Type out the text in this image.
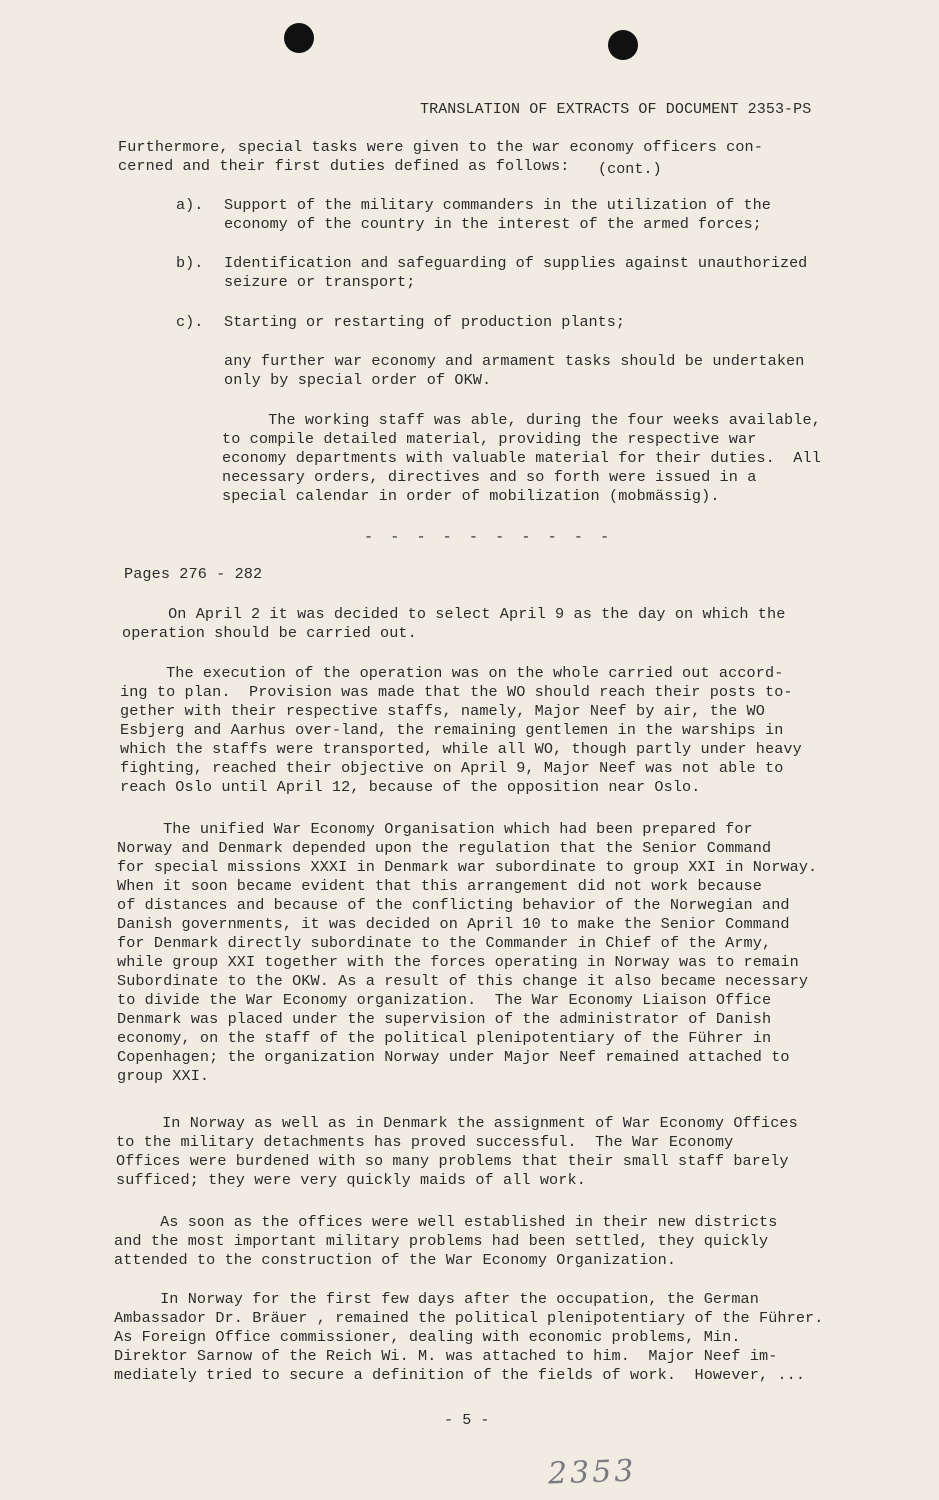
TRANSLATION OF EXTRACTS OF DOCUMENT 2353-PS

(cont.)

Furthermore, special tasks were given to the war economy officers con-
cerned and their first duties defined as follows:

a).

Support of the military commanders in the utilization of the
economy of the country in the interest of the armed forces;

b).

Identification and safeguarding of supplies against unauthorized
seizure or transport;

c).

Starting or restarting of production plants;

any further war economy and armament tasks should be undertaken
only by special order of OKW.
The working staff was able, during the four weeks available,
to compile detailed material, providing the respective war
economy departments with valuable material for their duties.  All
necessary orders, directives and so forth were issued in a
special calendar in order of mobilization (mobmässig).
- - - - - - - - - -
Pages 276 - 282
On April 2 it was decided to select April 9 as the day on which the
operation should be carried out.
The execution of the operation was on the whole carried out accord-
ing to plan.  Provision was made that the WO should reach their posts to-
gether with their respective staffs, namely, Major Neef by air, the WO
Esbjerg and Aarhus over-land, the remaining gentlemen in the warships in
which the staffs were transported, while all WO, though partly under heavy
fighting, reached their objective on April 9, Major Neef was not able to
reach Oslo until April 12, because of the opposition near Oslo.
The unified War Economy Organisation which had been prepared for
Norway and Denmark depended upon the regulation that the Senior Command
for special missions XXXI in Denmark war subordinate to group XXI in Norway.
When it soon became evident that this arrangement did not work because
of distances and because of the conflicting behavior of the Norwegian and
Danish governments, it was decided on April 10 to make the Senior Command
for Denmark directly subordinate to the Commander in Chief of the Army,
while group XXI together with the forces operating in Norway was to remain
Subordinate to the OKW. As a result of this change it also became necessary
to divide the War Economy organization.  The War Economy Liaison Office
Denmark was placed under the supervision of the administrator of Danish
economy, on the staff of the political plenipotentiary of the Führer in
Copenhagen; the organization Norway under Major Neef remained attached to
group XXI.
In Norway as well as in Denmark the assignment of War Economy Offices
to the military detachments has proved successful.  The War Economy
Offices were burdened with so many problems that their small staff barely
sufficed; they were very quickly maids of all work.
As soon as the offices were well established in their new districts
and the most important military problems had been settled, they quickly
attended to the construction of the War Economy Organization.
In Norway for the first few days after the occupation, the German
Ambassador Dr. Bräuer , remained the political plenipotentiary of the Führer.
As Foreign Office commissioner, dealing with economic problems, Min.
Direktor Sarnow of the Reich Wi. M. was attached to him.  Major Neef im-
mediately tried to secure a definition of the fields of work.  However, ...
- 5 -
2353
